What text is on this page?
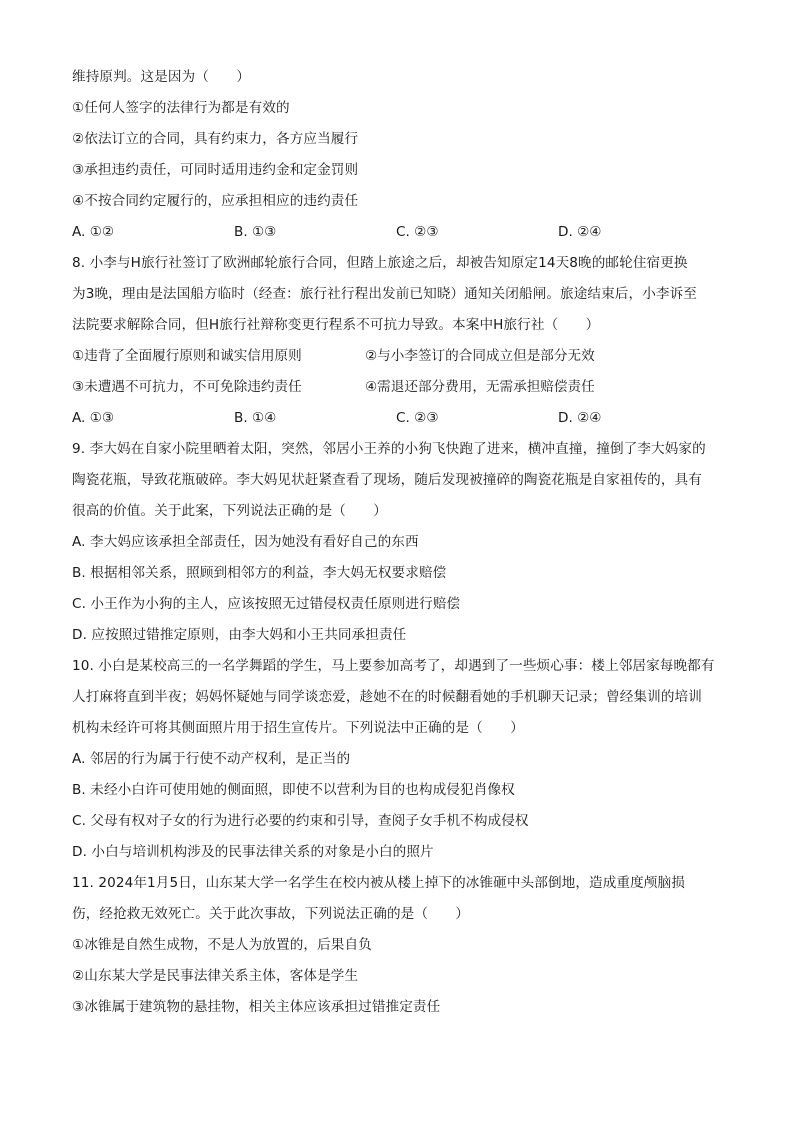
维持原判。这是因为（　　）
①任何人签字的法律行为都是有效的
②依法订立的合同，具有约束力，各方应当履行
③承担违约责任，可同时适用违约金和定金罚则
④不按合同约定履行的，应承担相应的违约责任
A. ①②	B. ①③	C. ②③	D. ②④
8. 小李与H旅行社签订了欧洲邮轮旅行合同，但踏上旅途之后，却被告知原定14天8晚的邮轮住宿更换
为3晚，理由是法国船方临时（经查：旅行社行程出发前已知晓）通知关闭船闸。旅途结束后，小李诉至
法院要求解除合同，但H旅行社辩称变更行程系不可抗力导致。本案中H旅行社（　　）
①违背了全面履行原则和诚实信用原则	②与小李签订的合同成立但是部分无效
③未遭遇不可抗力，不可免除违约责任	④需退还部分费用，无需承担赔偿责任
A. ①③	B. ①④	C. ②③	D. ②④
9. 李大妈在自家小院里晒着太阳，突然，邻居小王养的小狗飞快跑了进来，横冲直撞，撞倒了李大妈家的
陶瓷花瓶，导致花瓶破碎。李大妈见状赶紧查看了现场，随后发现被撞碎的陶瓷花瓶是自家祖传的，具有
很高的价值。关于此案，下列说法正确的是（　　）
A. 李大妈应该承担全部责任，因为她没有看好自己的东西
B. 根据相邻关系，照顾到相邻方的利益，李大妈无权要求赔偿
C. 小王作为小狗的主人，应该按照无过错侵权责任原则进行赔偿
D. 应按照过错推定原则，由李大妈和小王共同承担责任
10. 小白是某校高三的一名学舞蹈的学生，马上要参加高考了，却遇到了一些烦心事：楼上邻居家每晚都有
人打麻将直到半夜；妈妈怀疑她与同学谈恋爱，趁她不在的时候翻看她的手机聊天记录；曾经集训的培训
机构未经许可将其侧面照片用于招生宣传片。下列说法中正确的是（　　）
A. 邻居的行为属于行使不动产权利，是正当的
B. 未经小白许可使用她的侧面照，即使不以营利为目的也构成侵犯肖像权
C. 父母有权对子女的行为进行必要的约束和引导，查阅子女手机不构成侵权
D. 小白与培训机构涉及的民事法律关系的对象是小白的照片
11. 2024年1月5日，山东某大学一名学生在校内被从楼上掉下的冰锥砸中头部倒地，造成重度颅脑损
伤，经抢救无效死亡。关于此次事故，下列说法正确的是（　　）
①冰锥是自然生成物，不是人为放置的，后果自负
②山东某大学是民事法律关系主体，客体是学生
③冰锥属于建筑物的悬挂物，相关主体应该承担过错推定责任
